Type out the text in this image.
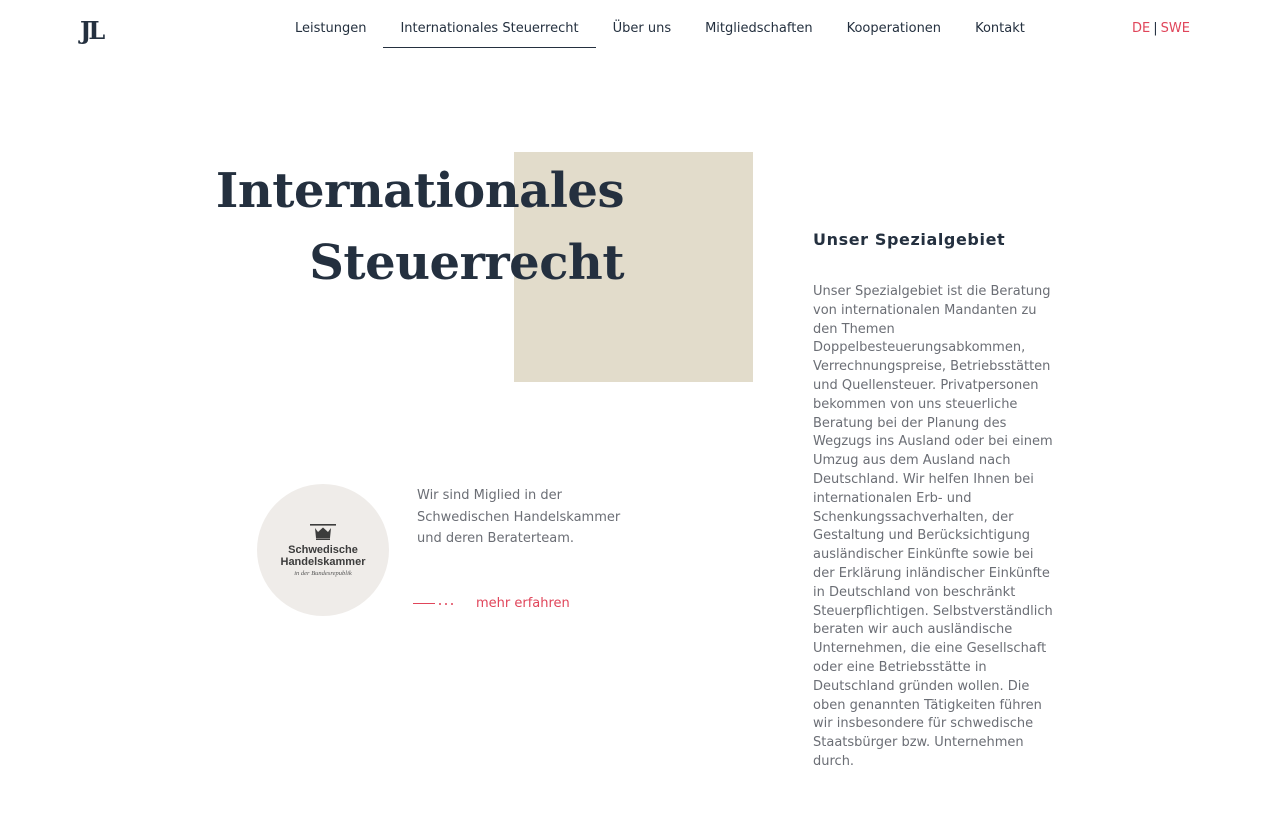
JL	Leistungen	Internationales Steuerrecht	Über uns	Mitgliedschaften	Kooperationen	Kontakt	DE | SWE
Internationales
Steuerrecht	Unser Spezialgebiet

Unser Spezialgebiet ist die Beratung von internationalen Mandanten zu den Themen Doppelbesteuerungsabkommen, Verrechnungspreise, Betriebsstätten und Quellensteuer. Privatpersonen bekommen von uns steuerliche Beratung bei der Planung des Wegzugs ins Ausland oder bei einem Umzug aus dem Ausland nach Deutschland. Wir helfen Ihnen bei internationalen Erb- und Schenkungssachverhalten, der Gestaltung und Berücksichtigung ausländischer Einkünfte sowie bei der Erklärung inländischer Einkünfte in Deutschland von beschränkt Steuerpflichtigen. Selbstverständlich beraten wir auch ausländische Unternehmen, die eine Gesellschaft oder eine Betriebsstätte in Deutschland gründen wollen. Die oben genannten Tätigkeiten führen wir insbesondere für schwedische Staatsbürger bzw. Unternehmen durch.

Schwedische
Handelskammer
in der Bundesrepublik

Wir sind Miglied in der Schwedischen Handelskammer und deren Beraterteam.

mehr erfahren
